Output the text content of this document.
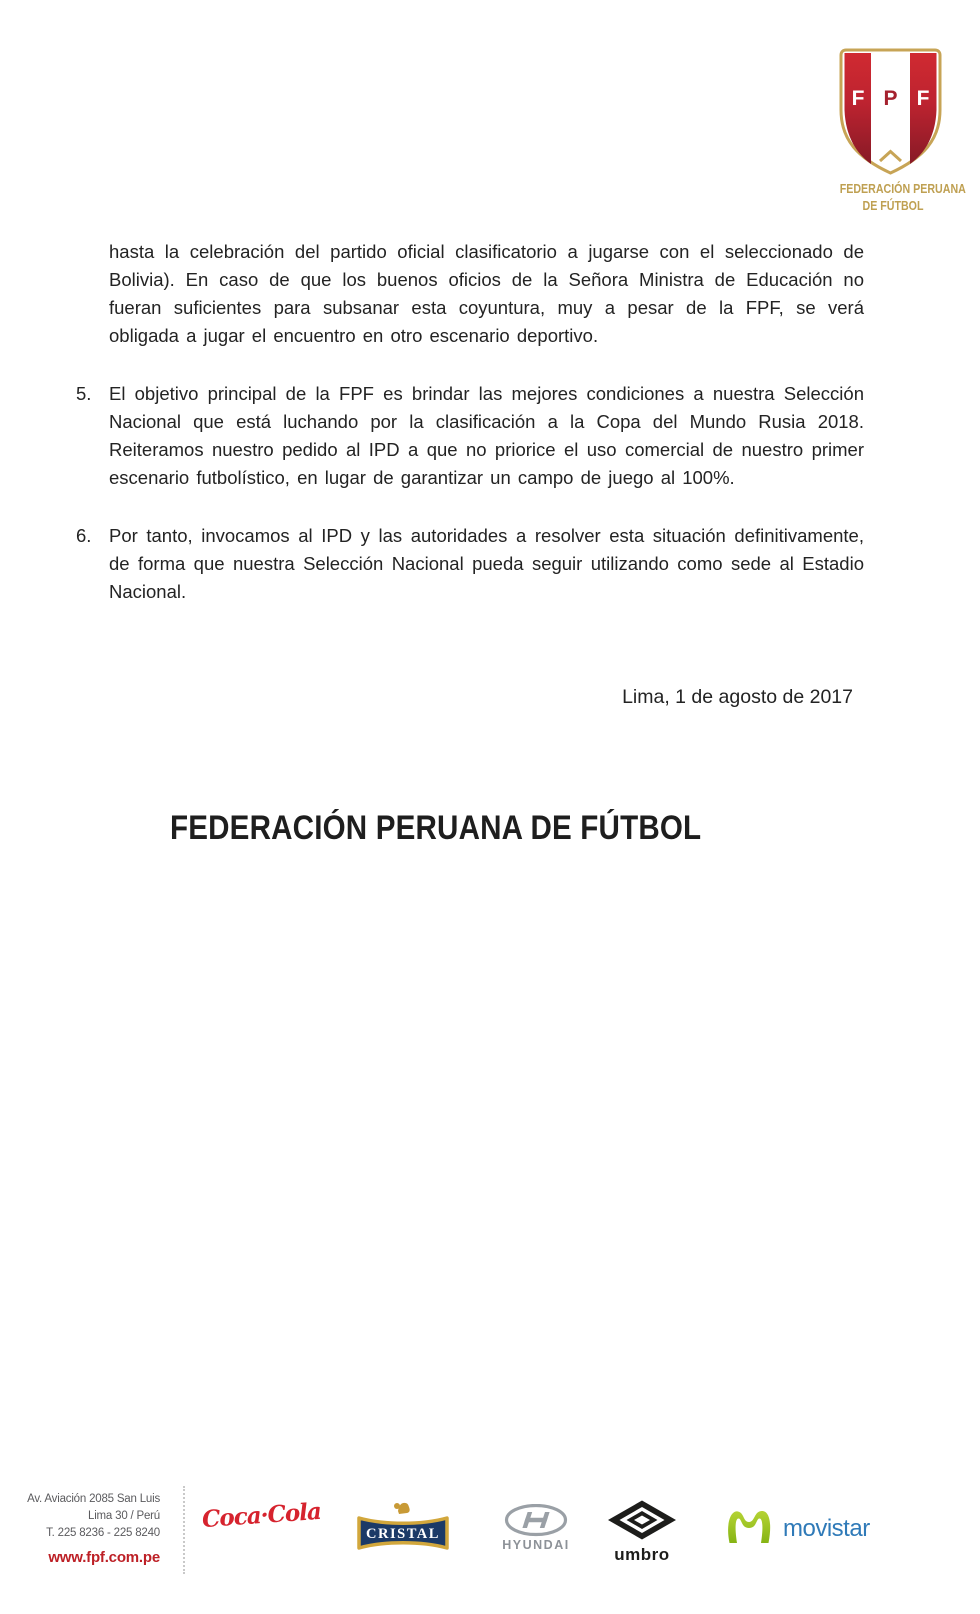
F P F
FEDERACIÓN PERUANA
DE FÚTBOL

hasta la celebración del partido oficial clasificatorio a jugarse con el seleccionado de Bolivia). En caso de que los buenos oficios de la Señora Ministra de Educación no fueran suficientes para subsanar esta coyuntura, muy a pesar de la FPF, se verá obligada a jugar el encuentro en otro escenario deportivo.

5. El objetivo principal de la FPF es brindar las mejores condiciones a nuestra Selección Nacional que está luchando por la clasificación a la Copa del Mundo Rusia 2018. Reiteramos nuestro pedido al IPD a que no priorice el uso comercial de nuestro primer escenario futbolístico, en lugar de garantizar un campo de juego al 100%.

6. Por tanto, invocamos al IPD y las autoridades a resolver esta situación definitivamente, de forma que nuestra Selección Nacional pueda seguir utilizando como sede al Estadio Nacional.

Lima, 1 de agosto de 2017
FEDERACIÓN PERUANA DE FÚTBOL
Av. Aviación 2085 San Luis
Lima 30 / Perú
T. 225 8236 - 225 8240
www.fpf.com.pe
Coca·Cola
CRISTAL
HYUNDAI	umbro
movistar
